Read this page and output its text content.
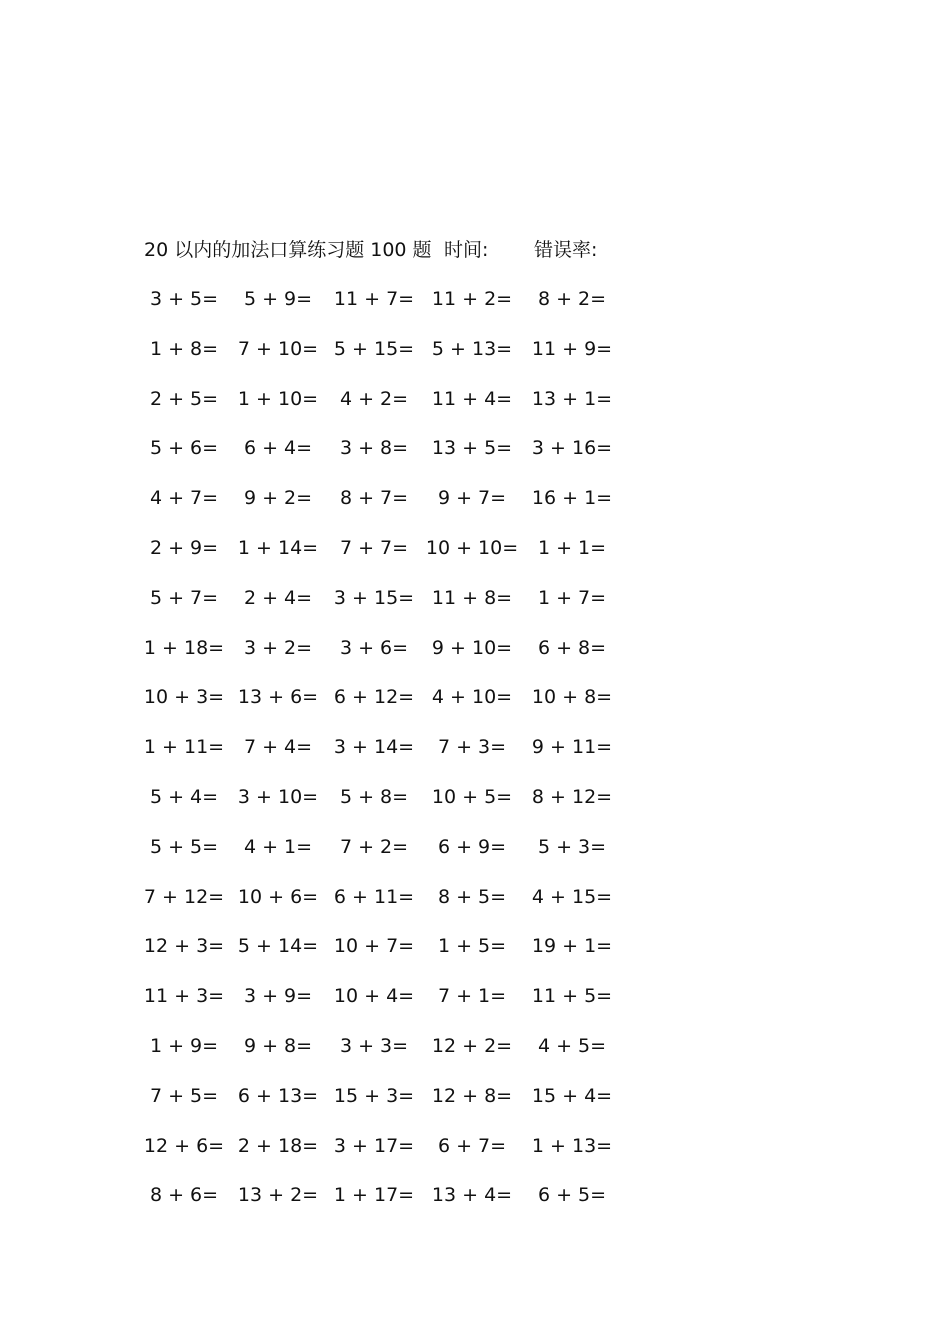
20 以内的加法口算练习题 100 题 时间: 错误率:
3 + 5=	5 + 9=	11 + 7= 11 + 2=	8 + 2=
1 + 8=	7 + 10= 5 + 15= 5 + 13=	11 + 9=
2 + 5=	1 + 10=	4 + 2=	11 + 4=	13 + 1=
5 + 6=	6 + 4=	3 + 8=	13 + 5=	3 + 16=
4 + 7=	9 + 2=	8 + 7=	9 + 7=	16 + 1=
2 + 9=	1 + 14=	7 + 7= 10 + 10=	1 + 1=
5 + 7=	2 + 4=	3 + 15= 11 + 8=	1 + 7=
1 + 18=	3 + 2=	3 + 6=	9 + 10=	6 + 8=
10 + 3= 13 + 6= 6 + 12= 4 + 10=	10 + 8=
1 + 11=	7 + 4=	3 + 14=	7 + 3=	9 + 11=
5 + 4=	3 + 10=	5 + 8=	10 + 5=	8 + 12=
5 + 5=	4 + 1=	7 + 2=	6 + 9=	5 + 3=
7 + 12= 10 + 6= 6 + 11=	8 + 5=	4 + 15=
12 + 3= 5 + 14= 10 + 7=	1 + 5=	19 + 1=
11 + 3=	3 + 9=	10 + 4=	7 + 1=	11 + 5=
1 + 9=	9 + 8=	3 + 3=	12 + 2=	4 + 5=
7 + 5=	6 + 13= 15 + 3= 12 + 8=	15 + 4=
12 + 6= 2 + 18= 3 + 17=	6 + 7=	1 + 13=
8 + 6=	13 + 2= 1 + 17= 13 + 4=	6 + 5=
